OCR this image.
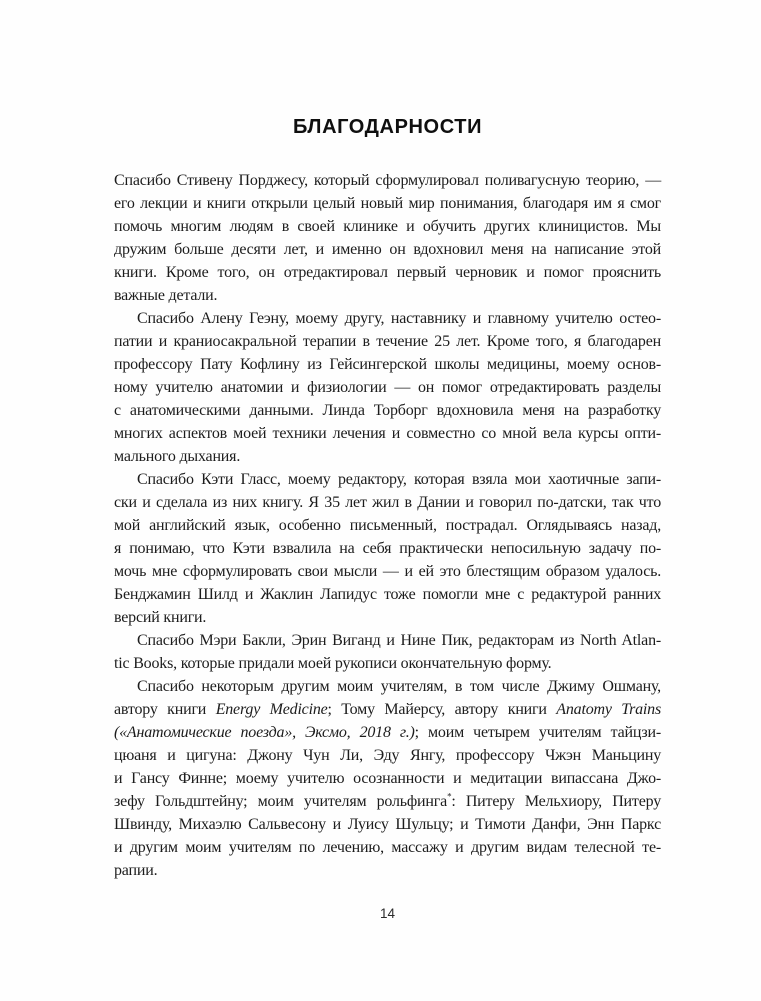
БЛАГОДАРНОСТИ
Спасибо Стивену Порджесу, который сформулировал поливагусную теорию, —
его лекции и книги открыли целый новый мир понимания, благодаря им я смог
помочь многим людям в своей клинике и обучить других клиницистов. Мы
дружим больше десяти лет, и именно он вдохновил меня на написание этой
книги. Кроме того, он отредактировал первый черновик и помог прояснить
важные детали.
Спасибо Алену Геэну, моему другу, наставнику и главному учителю остео-
патии и краниосакральной терапии в течение 25 лет. Кроме того, я благодарен
профессору Пату Кофлину из Гейсингерской школы медицины, моему основ-
ному учителю анатомии и физиологии — он помог отредактировать разделы
с анатомическими данными. Линда Торборг вдохновила меня на разработку
многих аспектов моей техники лечения и совместно со мной вела курсы опти-
мального дыхания.
Спасибо Кэти Гласс, моему редактору, которая взяла мои хаотичные запи-
ски и сделала из них книгу. Я 35 лет жил в Дании и говорил по-датски, так что
мой английский язык, особенно письменный, пострадал. Оглядываясь назад,
я понимаю, что Кэти взвалила на себя практически непосильную задачу по-
мочь мне сформулировать свои мысли — и ей это блестящим образом удалось.
Бенджамин Шилд и Жаклин Лапидус тоже помогли мне с редактурой ранних
версий книги.
Спасибо Мэри Бакли, Эрин Виганд и Нине Пик, редакторам из North Atlan-
tic Books, которые придали моей рукописи окончательную форму.
Спасибо некоторым другим моим учителям, в том числе Джиму Ошману,
автору книги Energy Medicine; Тому Майерсу, автору книги Anatomy Trains
(«Анатомические поезда», Эксмо, 2018 г.); моим четырем учителям тайцзи-
цюаня и цигуна: Джону Чун Ли, Эду Янгу, профессору Чжэн Маньцину
и Гансу Финне; моему учителю осознанности и медитации випассана Джо-
зефу Гольдштейну; моим учителям рольфинга*: Питеру Мельхиору, Питеру
Швинду, Михаэлю Сальвесону и Луису Шульцу; и Тимоти Данфи, Энн Паркс
и другим моим учителям по лечению, массажу и другим видам телесной те-
рапии.
14
